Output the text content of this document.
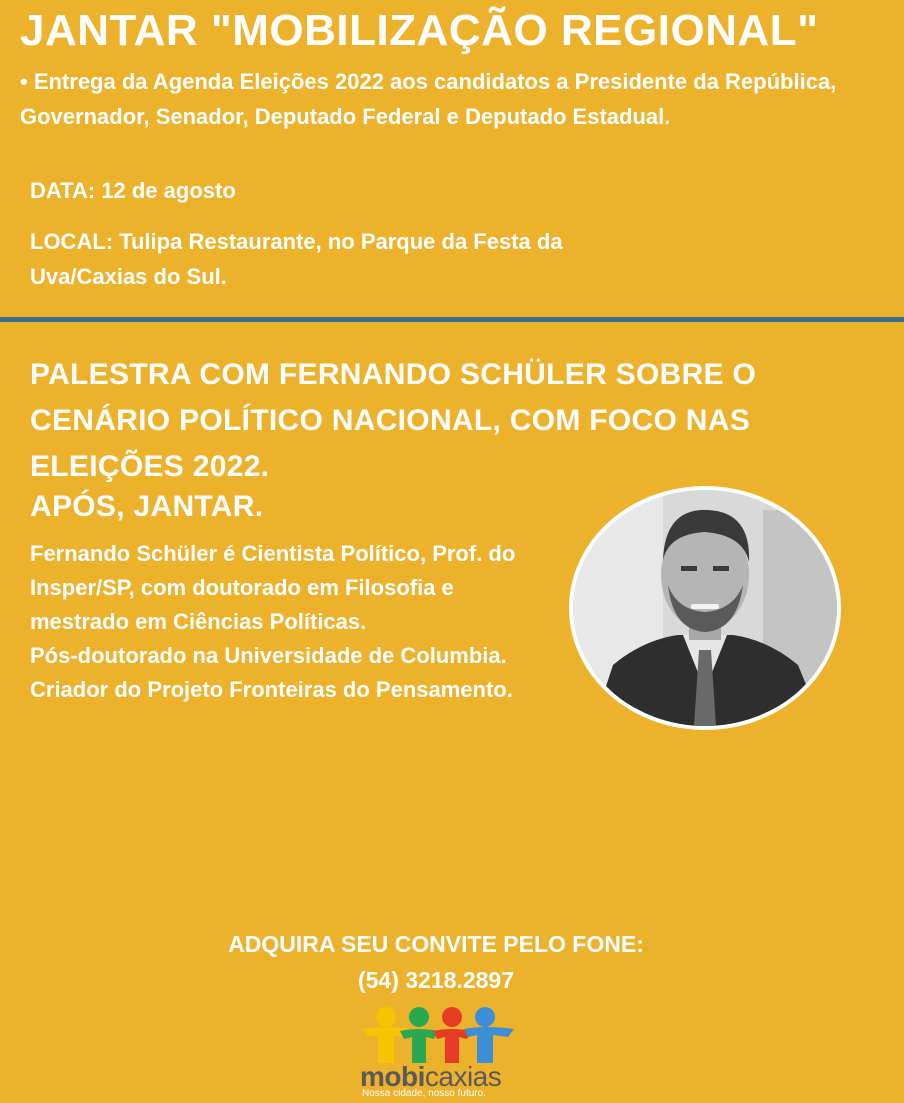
JANTAR "MOBILIZAÇÃO REGIONAL"
• Entrega da Agenda Eleições 2022 aos candidatos a Presidente da República, Governador, Senador, Deputado Federal e Deputado Estadual.
DATA: 12 de agosto
LOCAL: Tulipa Restaurante, no Parque da Festa da Uva/Caxias do Sul.
PALESTRA COM FERNANDO SCHÜLER SOBRE O CENÁRIO POLÍTICO NACIONAL, COM FOCO NAS ELEIÇÕES 2022.
APÓS, JANTAR.
Fernando Schüler é Cientista Político, Prof. do Insper/SP, com doutorado em Filosofia e mestrado em Ciências Políticas.
Pós-doutorado na Universidade de Columbia. Criador do Projeto Fronteiras do Pensamento.
ADQUIRA SEU CONVITE PELO FONE:
(54) 3218.2897
mobicaxias
Nossa cidade, nosso futuro.
